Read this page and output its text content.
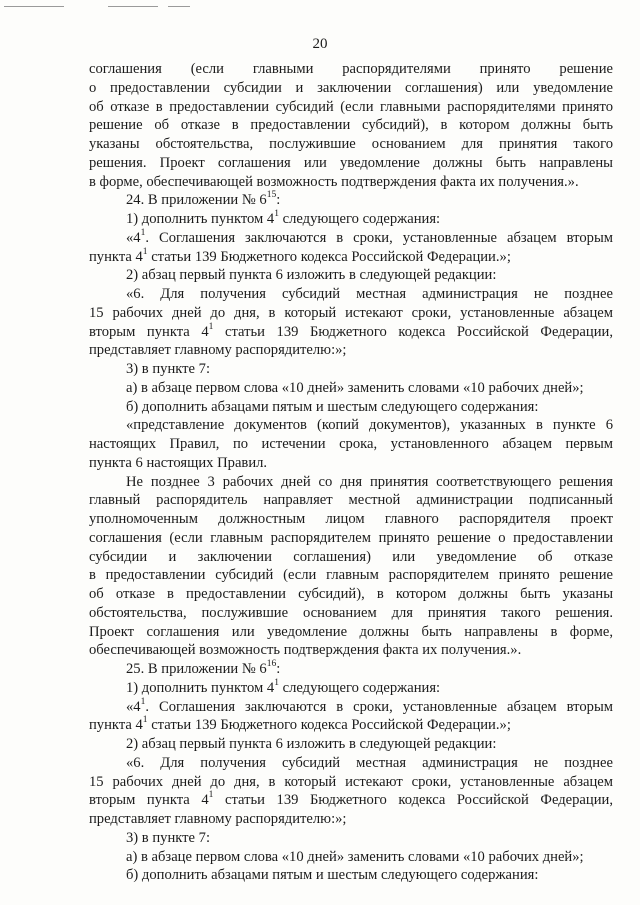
20
соглашения (если главными распорядителями принято решение
о предоставлении субсидии и заключении соглашения) или уведомление
об отказе в предоставлении субсидий (если главными распорядителями принято
решение об отказе в предоставлении субсидий), в котором должны быть
указаны обстоятельства, послужившие основанием для принятия такого
решения. Проект соглашения или уведомление должны быть направлены
в форме, обеспечивающей возможность подтверждения факта их получения.».
24. В приложении № $6^{15}$:
1) дополнить пунктом $4^1$ следующего содержания:
«$4^1$. Соглашения заключаются в сроки, установленные абзацем вторым
пункта $4^1$ статьи 139 Бюджетного кодекса Российской Федерации.»;
2) абзац первый пункта 6 изложить в следующей редакции:
«6. Для получения субсидий местная администрация не позднее
15 рабочих дней до дня, в который истекают сроки, установленные абзацем
вторым пункта $4^1$ статьи 139 Бюджетного кодекса Российской Федерации,
представляет главному распорядителю:»;
3) в пункте 7:
а) в абзаце первом слова «10 дней» заменить словами «10 рабочих дней»;
б) дополнить абзацами пятым и шестым следующего содержания:
«представление документов (копий документов), указанных в пункте 6
настоящих Правил, по истечении срока, установленного абзацем первым
пункта 6 настоящих Правил.
Не позднее 3 рабочих дней со дня принятия соответствующего решения
главный распорядитель направляет местной администрации подписанный
уполномоченным должностным лицом главного распорядителя проект
соглашения (если главным распорядителем принято решение о предоставлении
субсидии и заключении соглашения) или уведомление об отказе
в предоставлении субсидий (если главным распорядителем принято решение
об отказе в предоставлении субсидий), в котором должны быть указаны
обстоятельства, послужившие основанием для принятия такого решения.
Проект соглашения или уведомление должны быть направлены в форме,
обеспечивающей возможность подтверждения факта их получения.».
25. В приложении № $6^{16}$:
1) дополнить пунктом $4^1$ следующего содержания:
«$4^1$. Соглашения заключаются в сроки, установленные абзацем вторым
пункта $4^1$ статьи 139 Бюджетного кодекса Российской Федерации.»;
2) абзац первый пункта 6 изложить в следующей редакции:
«6. Для получения субсидий местная администрация не позднее
15 рабочих дней до дня, в который истекают сроки, установленные абзацем
вторым пункта $4^1$ статьи 139 Бюджетного кодекса Российской Федерации,
представляет главному распорядителю:»;
3) в пункте 7:
а) в абзаце первом слова «10 дней» заменить словами «10 рабочих дней»;
б) дополнить абзацами пятым и шестым следующего содержания:
